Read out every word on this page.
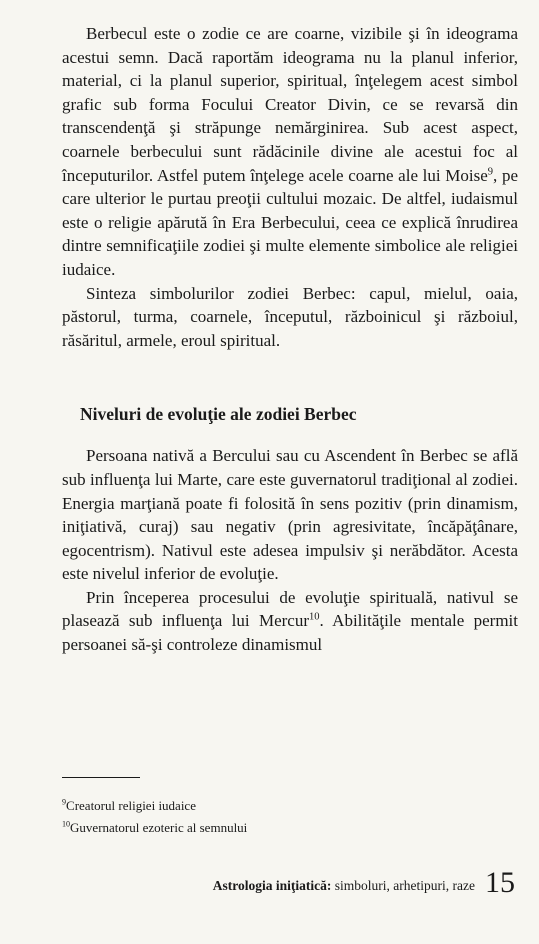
Berbecul este o zodie ce are coarne, vizibile şi în ideograma acestui semn. Dacă raportăm ideograma nu la planul inferior, material, ci la planul superior, spiritual, înţelegem acest simbol grafic sub forma Focului Creator Divin, ce se revarsă din transcendenţă şi străpunge nemărginirea. Sub acest aspect, coarnele berbecului sunt rădăcinile divine ale acestui foc al începuturilor. Astfel putem înţelege acele coarne ale lui Moise$^9$, pe care ulterior le purtau preoţii cultului mozaic. De altfel, iudaismul este o religie apărută în Era Berbecului, ceea ce explică înrudirea dintre semnificaţiile zodiei şi multe elemente simbolice ale religiei iudaice.

Sinteza simbolurilor zodiei Berbec: capul, mielul, oaia, păstorul, turma, coarnele, începutul, războinicul şi războiul, răsăritul, armele, eroul spiritual.

Niveluri de evoluţie ale zodiei Berbec

Persoana nativă a Bercului sau cu Ascendent în Berbec se află sub influenţa lui Marte, care este guvernatorul tradiţional al zodiei. Energia marţiană poate fi folosită în sens pozitiv (prin dinamism, iniţiativă, curaj) sau negativ (prin agresivitate, încăpăţânare, egocentrism). Nativul este adesea impulsiv şi nerăbdător. Acesta este nivelul inferior de evoluţie.

Prin începerea procesului de evoluţie spirituală, nativul se plasează sub influenţa lui Mercur$^{10}$. Abilităţile mentale permit persoanei să-şi controleze dinamismul

$^9$Creatorul religiei iudaice

$^{10}$Guvernatorul ezoteric al semnului

Astrologia iniţiatică: simboluri, arhetipuri, raze 15
